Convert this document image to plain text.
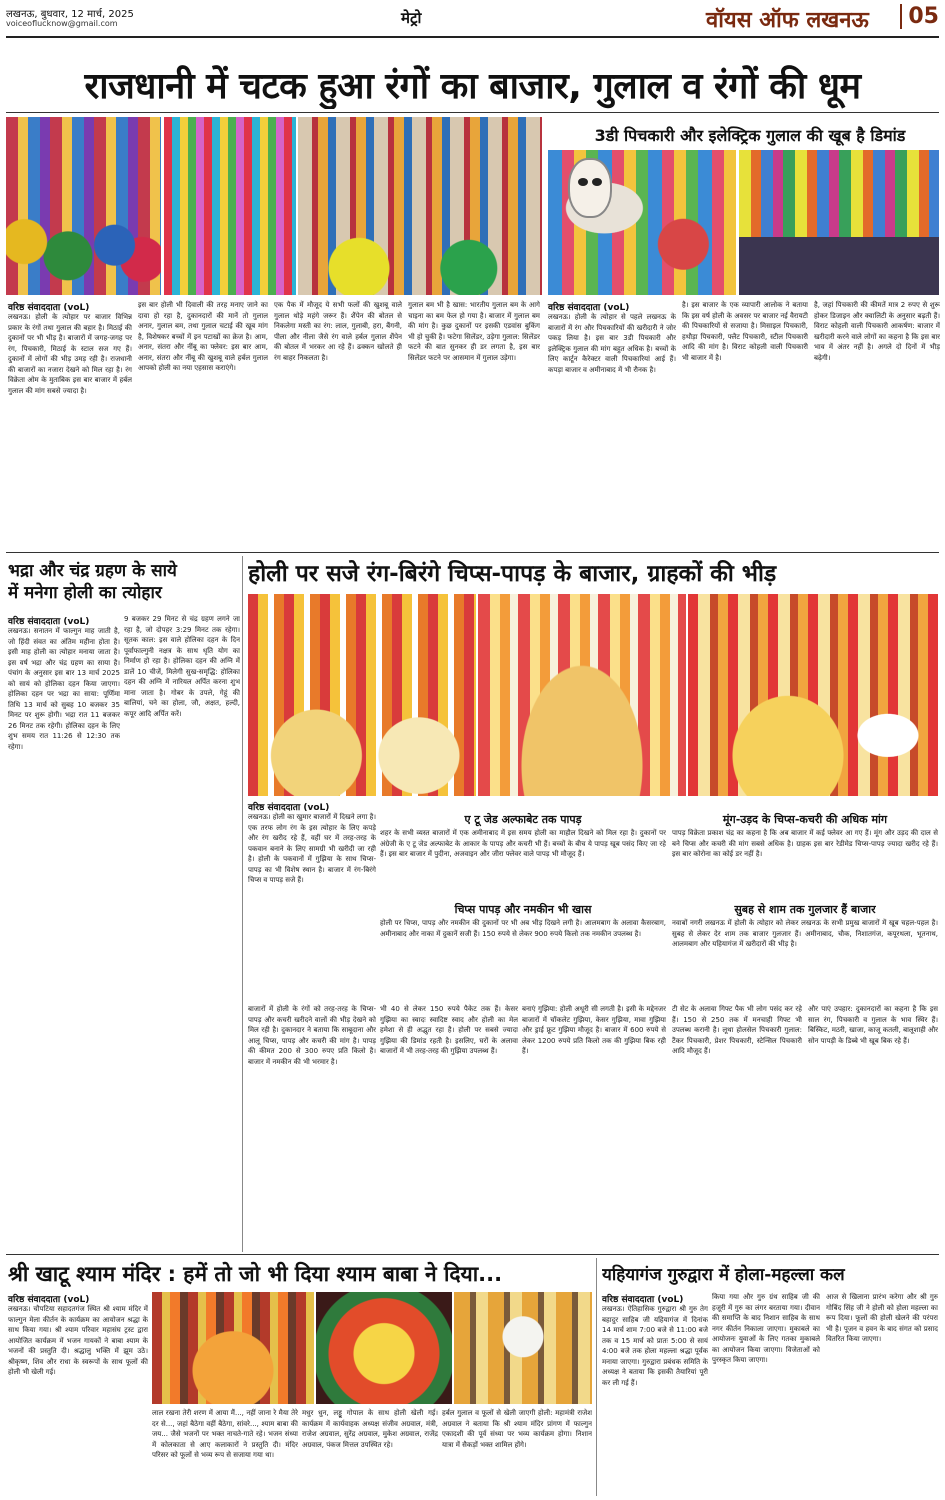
लखनऊ, बुधवार, 12 मार्च, 2025
voiceoflucknow@gmail.com	मेट्रो	वॉयस ऑफ लखनऊ	05
राजधानी में चटक हुआ रंगों का बाजार, गुलाल व रंगों की धूम
3डी पिचकारी और इलेक्ट्रिक गुलाल की खूब है डिमांड
वरिष्ठ संवाददाता (voL)
लखनऊ। होली के त्योहार पर बाजार विभिन्न प्रकार के रंगों तथा गुलाल की बहार है। मिठाई की दुकानों पर भी भीड़ है। बाजारों में जगह-जगह पर रंग, पिचकारी, मिठाई के स्टाल सज गए हैं। दुकानों में लोगों की भीड़ उमड़ रही है। राजधानी की बाजारों का नजारा देखने को मिल रहा है। रंग विक्रेता ओम के मुताबिक इस बार बाजार में हर्बल गुलाल की मांग सबसे ज्यादा है।
इस बार होली भी दिवाली की तरह मनाए जाने का दावा हो रहा है, दुकानदारों की मानें तो गुलाल अनार, गुलाल बम, तथा गुलाल चटाई की खूब मांग है, विशेषकर बच्चों में इन पटाखों का क्रेज है। आम, अनार, संतरा और नींबू का फ्लेवर: इस बार आम, अनार, संतरा और नींबू की खुशबू वाले हर्बल गुलाल आपको होली का नया एहसास कराएंगे।
एक पैक में मौजूद ये सभी फलों की खुशबू वाले गुलाल थोड़े महंगे जरूर हैं। शैंपेन की बोतल से निकलेगा मस्ती का रंग: लाल, गुलाबी, हरा, बैंगनी, पीला और नीला जैसे रंग वाले हर्बल गुलाल शैंपेन की बोतल में भरकर आ रहे हैं। ढक्कन खोलते ही रंग बाहर निकलता है।
गुलाल बम भी है खास: भारतीय गुलाल बम के आगे चाइना का बम फेल हो गया है। बाजार में गुलाल बम की मांग है। कुछ दुकानों पर इसकी एडवांस बुकिंग भी हो चुकी है। फटेगा सिलेंडर, उड़ेगा गुलाल: सिलेंडर फटने की बात सुनकर ही डर लगता है, इस बार सिलेंडर फटने पर आसमान में गुलाल उड़ेगा।
वरिष्ठ संवाददाता (voL)
लखनऊ। होली के त्योहार से पहले लखनऊ के बाजारों में रंग और पिचकारियों की खरीदारी ने जोर पकड़ लिया है। इस बार 3डी पिचकारी और इलेक्ट्रिक गुलाल की मांग बहुत अधिक है। बच्चों के लिए कार्टून कैरेक्टर वाली पिचकारियां आई हैं। कपड़ा बाजार व अमीनाबाद में भी रौनक है।
है। इस बाजार के एक व्यापारी आलोक ने बताया कि इस वर्ष होली के अवसर पर बाजार नई वैरायटी की पिचकारियों से सजाया है। मिसाइल पिचकारी, हथौड़ा पिचकारी, फ्लैट पिचकारी, स्टील पिचकारी आदि की मांग है। विराट कोहली वाली पिचकारी भी बाजार में है।
है, जहां पिचकारी की कीमतें मात्र 2 रुपए से शुरू होकर डिजाइन और क्वालिटी के अनुसार बढ़ती हैं। विराट कोहली वाली पिचकारी आकर्षण: बाजार में खरीदारी करने वाले लोगों का कहना है कि इस बार भाव में अंतर नहीं है। अगले दो दिनों में भीड़ बढ़ेगी।
भद्रा और चंद्र ग्रहण के साये
में मनेगा होली का त्योहार
वरिष्ठ संवाददाता (voL)
लखनऊ। सनातन में फाल्गुन माह जाती है, जो हिंदी संवत का अंतिम महीना होता है। इसी माह होली का त्योहार मनाया जाता है। इस वर्ष भद्रा और चंद्र ग्रहण का साया है। पंचांग के अनुसार इस बार 13 मार्च 2025 को सायं को होलिका दहन किया जाएगा। होलिका दहन पर भद्रा का साया: पूर्णिमा तिथि 13 मार्च को सुबह 10 बजकर 35 मिनट पर शुरू होगी। भद्रा रात 11 बजकर 26 मिनट तक रहेगी। होलिका दहन के लिए शुभ समय रात 11:26 से 12:30 तक रहेगा।
9 बजकर 29 मिनट से चंद्र ग्रहण लगने जा रहा है, जो दोपहर 3:29 मिनट तक रहेगा। सूतक काल: इस वाले होलिका दहन के दिन पूर्वाफाल्गुनी नक्षत्र के साथ धृति योग का निर्माण हो रहा है। होलिका दहन की अग्नि में डालें 10 चीजें, मिलेगी सुख-समृद्धि: होलिका दहन की अग्नि में नारियल अर्पित करना शुभ माना जाता है। गोबर के उपले, गेहूं की बालियां, चने का होला, जौ, अक्षत, हल्दी, कपूर आदि अर्पित करें।
होली पर सजे रंग-बिरंगे चिप्स-पापड़ के बाजार, ग्राहकों की भीड़
वरिष्ठ संवाददाता (voL)
लखनऊ। होली का खुमार बाजारों में दिखने लगा है। एक तरफ लोग रंग के इस त्योहार के लिए कपड़े और रंग खरीद रहे हैं, वहीं घर में तरह-तरह के पकवान बनाने के लिए सामग्री भी खरीदी जा रही है। होली के पकवानों में गुझिया के साथ चिप्स-पापड़ का भी विशेष स्थान है। बाजार में रंग-बिरंगे चिप्स व पापड़ सजे हैं।
ए टू जेड अल्फाबेट तक पापड़
शहर के सभी व्यस्त बाजारों में एक अमीनाबाद में इस समय होली का माहौल दिखने को मिल रहा है। दुकानों पर अंग्रेजी के ए टू जेड अल्फाबेट के आकार के पापड़ और कचरी भी हैं। बच्चों के बीच ये पापड़ खूब पसंद किए जा रहे हैं। इस बार बाजार में पुदीना, अजवाइन और जीरा फ्लेवर वाले पापड़ भी मौजूद हैं।
चिप्स पापड़ और नमकीन भी खास
होली पर चिप्स, पापड़ और नमकीन की दुकानों पर भी अब भीड़ दिखने लगी है। आलमबाग के अलावा कैसरबाग, अमीनाबाद और नाका में दुकानें सजी हैं। 150 रुपये से लेकर 900 रुपये किलो तक नमकीन उपलब्ध है।
मूंग-उड़द के चिप्स-कचरी की अधिक मांग
पापड़ विक्रेता प्रकाश चंद्र का कहना है कि अब बाजार में कई फ्लेवर आ गए हैं। मूंग और उड़द की दाल से बने चिप्स और कचरी की मांग सबसे अधिक है। ग्राहक इस बार रेडीमेड चिप्स-पापड़ ज्यादा खरीद रहे हैं। इस बार कोरोना का कोई डर नहीं है।
सुबह से शाम तक गुलजार हैं बाजार
नवाबों नगरी लखनऊ में होली के त्योहार को लेकर लखनऊ के सभी प्रमुख बाजारों में खूब चहल-पहल है। सुबह से लेकर देर शाम तक बाजार गुलजार हैं। अमीनाबाद, चौक, निशातगंज, कपूरथला, भूतनाथ, आलमबाग और यहियागंज में खरीदारों की भीड़ है।
बाजारों में होली के रंगों को तरह-तरह के चिप्स-पापड़ और कचरी खरीदने वालों की भीड़ देखने को मिल रही है। दुकानदार ने बताया कि साबूदाना और आलू चिप्स, पापड़ और कचरी की मांग है। पापड़ की कीमत 200 से 300 रुपए प्रति किलो है। बाजार में नमकीन की भी भरमार है।
भी 40 से लेकर 150 रुपये पैकेट तक हैं। केसर गुझिया का स्वादः स्वादिष्ट स्वाद और होली का मेल हमेशा से ही अद्भुत रहा है। होली पर सबसे ज्यादा गुझिया की डिमांड रहती है। इसलिए, घरों के अलावा बाजारों में भी तरह-तरह की गुझिया उपलब्ध हैं।
बनाएं गुझिया: होली अधूरी सी लगती है। इसी के मद्देनजर बाजारों में चॉकलेट गुझिया, केसर गुझिया, मावा गुझिया और ड्राई फ्रूट गुझिया मौजूद है। बाजार में 600 रुपये से लेकर 1200 रुपये प्रति किलो तक की गुझिया बिक रही हैं।
टी सेट के अलावा गिफ्ट पैक भी लोग पसंद कर रहे हैं। 150 से 250 तक में मनचाही गिफ्ट भी उपलब्ध करानी है। लूथा होलसेल पिचकारी गुलाल: टैंकर पिचकारी, प्रेशर पिचकारी, स्टेन्सिल पिचकारी आदि मौजूद हैं।
और पाएं उपहार: दुकानदारों का कहना है कि इस साल रंग, पिचकारी व गुलाल के भाव स्थिर हैं। बिस्किट, मठरी, खाजा, काजू कतली, बालूशाही और सोन पापड़ी के डिब्बे भी खूब बिक रहे हैं।
श्री खाटू श्याम मंदिर : हमें तो जो भी दिया श्याम बाबा ने दिया...
वरिष्ठ संवाददाता (voL)
लखनऊ। चौपटिया सहादतगंज स्थित श्री श्याम मंदिर में फाल्गुन मेला कीर्तन के कार्यक्रम का आयोजन श्रद्धा के साथ किया गया। श्री श्याम परिवार महासंघ ट्रस्ट द्वारा आयोजित कार्यक्रम में भजन गायकों ने बाबा श्याम के भजनों की प्रस्तुति दी। श्रद्धालु भक्ति में झूम उठे। श्रीकृष्ण, शिव और राधा के स्वरूपों के साथ फूलों की होली भी खेली गई।
लाल रखना तेरी शरण में आया मैं..., नहीं जाना रे मैया तेरे दर से..., जहां बैठेगा वहीं बैठेगा, सांवरे..., श्याम बाबा की जय... जैसे भजनों पर भक्त नाचते-गाते रहे। भजन संध्या में कोलकाता से आए कलाकारों ने प्रस्तुति दी। मंदिर परिसर को फूलों से भव्य रूप से सजाया गया था।
मधुर धुन, लड्डू गोपाल के साथ होली खेली गई। कार्यक्रम में कार्यवाहक अध्यक्ष संजीव अग्रवाल, मंत्री, राजेश अग्रवाल, सुरेंद्र अग्रवाल, मुकेश अग्रवाल, राजेंद्र अग्रवाल, पंकज मित्तल उपस्थित रहे।
हर्बल गुलाल व फूलों से खेली जाएगी होली: महामंत्री राजेश अग्रवाल ने बताया कि श्री श्याम मंदिर प्रांगण में फाल्गुन एकादशी की पूर्व संध्या पर भव्य कार्यक्रम होगा। निशान यात्रा में सैकड़ों भक्त शामिल होंगे।
यहियागंज गुरुद्वारा में होला-महल्ला कल
वरिष्ठ संवाददाता (voL)
लखनऊ। ऐतिहासिक गुरुद्वारा श्री गुरु तेग बहादुर साहिब जी यहियागंज में दिनांक 14 मार्च शाम 7:00 बजे से 11:00 बजे तक व 15 मार्च को प्रातः 5:00 से सायं 4:00 बजे तक होला महल्ला श्रद्धा पूर्वक मनाया जाएगा। गुरुद्वारा प्रबंधक समिति के अध्यक्ष ने बताया कि इसकी तैयारियां पूरी कर ली गई हैं।
किया गया और गुरु ग्रंथ साहिब जी की हजूरी में गुरु का लंगर बरताया गया। दीवान की समाप्ति के बाद निशान साहिब के साथ नगर कीर्तन निकाला जाएगा। मुकाबले का आयोजनः युवाओं के लिए गतका मुकाबले का आयोजन किया जाएगा। विजेताओं को पुरस्कृत किया जाएगा।
आज से खिलाना प्रारंभ करेगा और श्री गुरु गोबिंद सिंह जी ने होली को होला महल्ला का रूप दिया। फूलों की होली खेलने की परंपरा भी है। पूजन व हवन के बाद संगत को प्रसाद वितरित किया जाएगा।
